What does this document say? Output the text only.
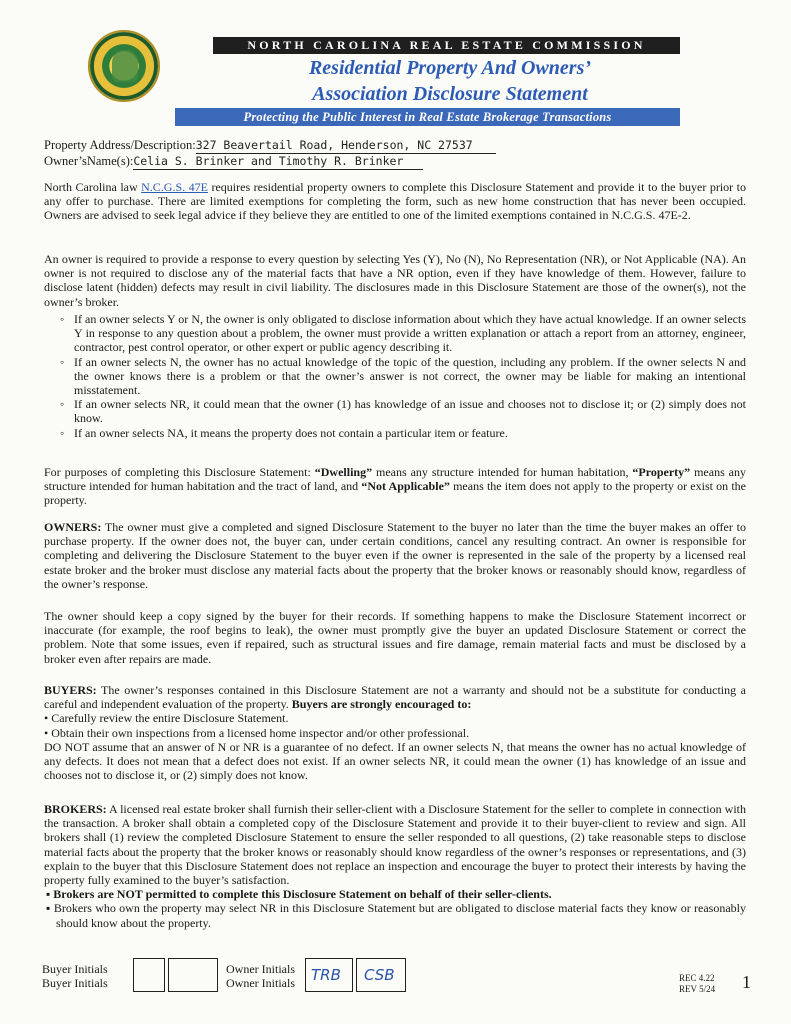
NORTH CAROLINA REAL ESTATE COMMISSION
Residential Property And Owners’
Association Disclosure Statement
Protecting the Public Interest in Real Estate Brokerage Transactions
Property Address/Description:327 Beavertail Road, Henderson, NC 27537
Owner’sName(s):Celia S. Brinker and Timothy R. Brinker

North Carolina law N.C.G.S. 47E requires residential property owners to complete this Disclosure Statement and provide it to the buyer prior to any offer to purchase. There are limited exemptions for completing the form, such as new home construction that has never been occupied. Owners are advised to seek legal advice if they believe they are entitled to one of the limited exemptions contained in N.C.G.S. 47E-2.

An owner is required to provide a response to every question by selecting Yes (Y), No (N), No Representation (NR), or Not Applicable (NA). An owner is not required to disclose any of the material facts that have a NR option, even if they have knowledge of them. However, failure to disclose latent (hidden) defects may result in civil liability. The disclosures made in this Disclosure Statement are those of the owner(s), not the owner’s broker.

◦ If an owner selects Y or N, the owner is only obligated to disclose information about which they have actual knowledge. If an owner selects Y in response to any question about a problem, the owner must provide a written explanation or attach a report from an attorney, engineer, contractor, pest control operator, or other expert or public agency describing it.
◦ If an owner selects N, the owner has no actual knowledge of the topic of the question, including any problem. If the owner selects N and the owner knows there is a problem or that the owner’s answer is not correct, the owner may be liable for making an intentional misstatement.
◦ If an owner selects NR, it could mean that the owner (1) has knowledge of an issue and chooses not to disclose it; or (2) simply does not know.
◦ If an owner selects NA, it means the property does not contain a particular item or feature.

For purposes of completing this Disclosure Statement: “Dwelling” means any structure intended for human habitation, “Property” means any structure intended for human habitation and the tract of land, and “Not Applicable” means the item does not apply to the property or exist on the property.

OWNERS: The owner must give a completed and signed Disclosure Statement to the buyer no later than the time the buyer makes an offer to purchase property. If the owner does not, the buyer can, under certain conditions, cancel any resulting contract. An owner is responsible for completing and delivering the Disclosure Statement to the buyer even if the owner is represented in the sale of the property by a licensed real estate broker and the broker must disclose any material facts about the property that the broker knows or reasonably should know, regardless of the owner’s response.

The owner should keep a copy signed by the buyer for their records. If something happens to make the Disclosure Statement incorrect or inaccurate (for example, the roof begins to leak), the owner must promptly give the buyer an updated Disclosure Statement or correct the problem. Note that some issues, even if repaired, such as structural issues and fire damage, remain material facts and must be disclosed by a broker even after repairs are made.

BUYERS: The owner’s responses contained in this Disclosure Statement are not a warranty and should not be a substitute for conducting a careful and independent evaluation of the property. Buyers are strongly encouraged to:

• Carefully review the entire Disclosure Statement.

• Obtain their own inspections from a licensed home inspector and/or other professional.

DO NOT assume that an answer of N or NR is a guarantee of no defect. If an owner selects N, that means the owner has no actual knowledge of any defects. It does not mean that a defect does not exist. If an owner selects NR, it could mean the owner (1) has knowledge of an issue and chooses not to disclose it, or (2) simply does not know.

BROKERS: A licensed real estate broker shall furnish their seller-client with a Disclosure Statement for the seller to complete in connection with the transaction. A broker shall obtain a completed copy of the Disclosure Statement and provide it to their buyer-client to review and sign. All brokers shall (1) review the completed Disclosure Statement to ensure the seller responded to all questions, (2) take reasonable steps to disclose material facts about the property that the broker knows or reasonably should know regardless of the owner’s responses or representations, and (3) explain to the buyer that this Disclosure Statement does not replace an inspection and encourage the buyer to protect their interests by having the property fully examined to the buyer’s satisfaction.

▪ Brokers are NOT permitted to complete this Disclosure Statement on behalf of their seller-clients.

▪ Brokers who own the property may select NR in this Disclosure Statement but are obligated to disclose material facts they know or reasonably should know about the property.

Buyer Initials
Buyer Initials
Owner Initials
Owner Initials TRB CSB	REC 4.22
REV 5/24 1
